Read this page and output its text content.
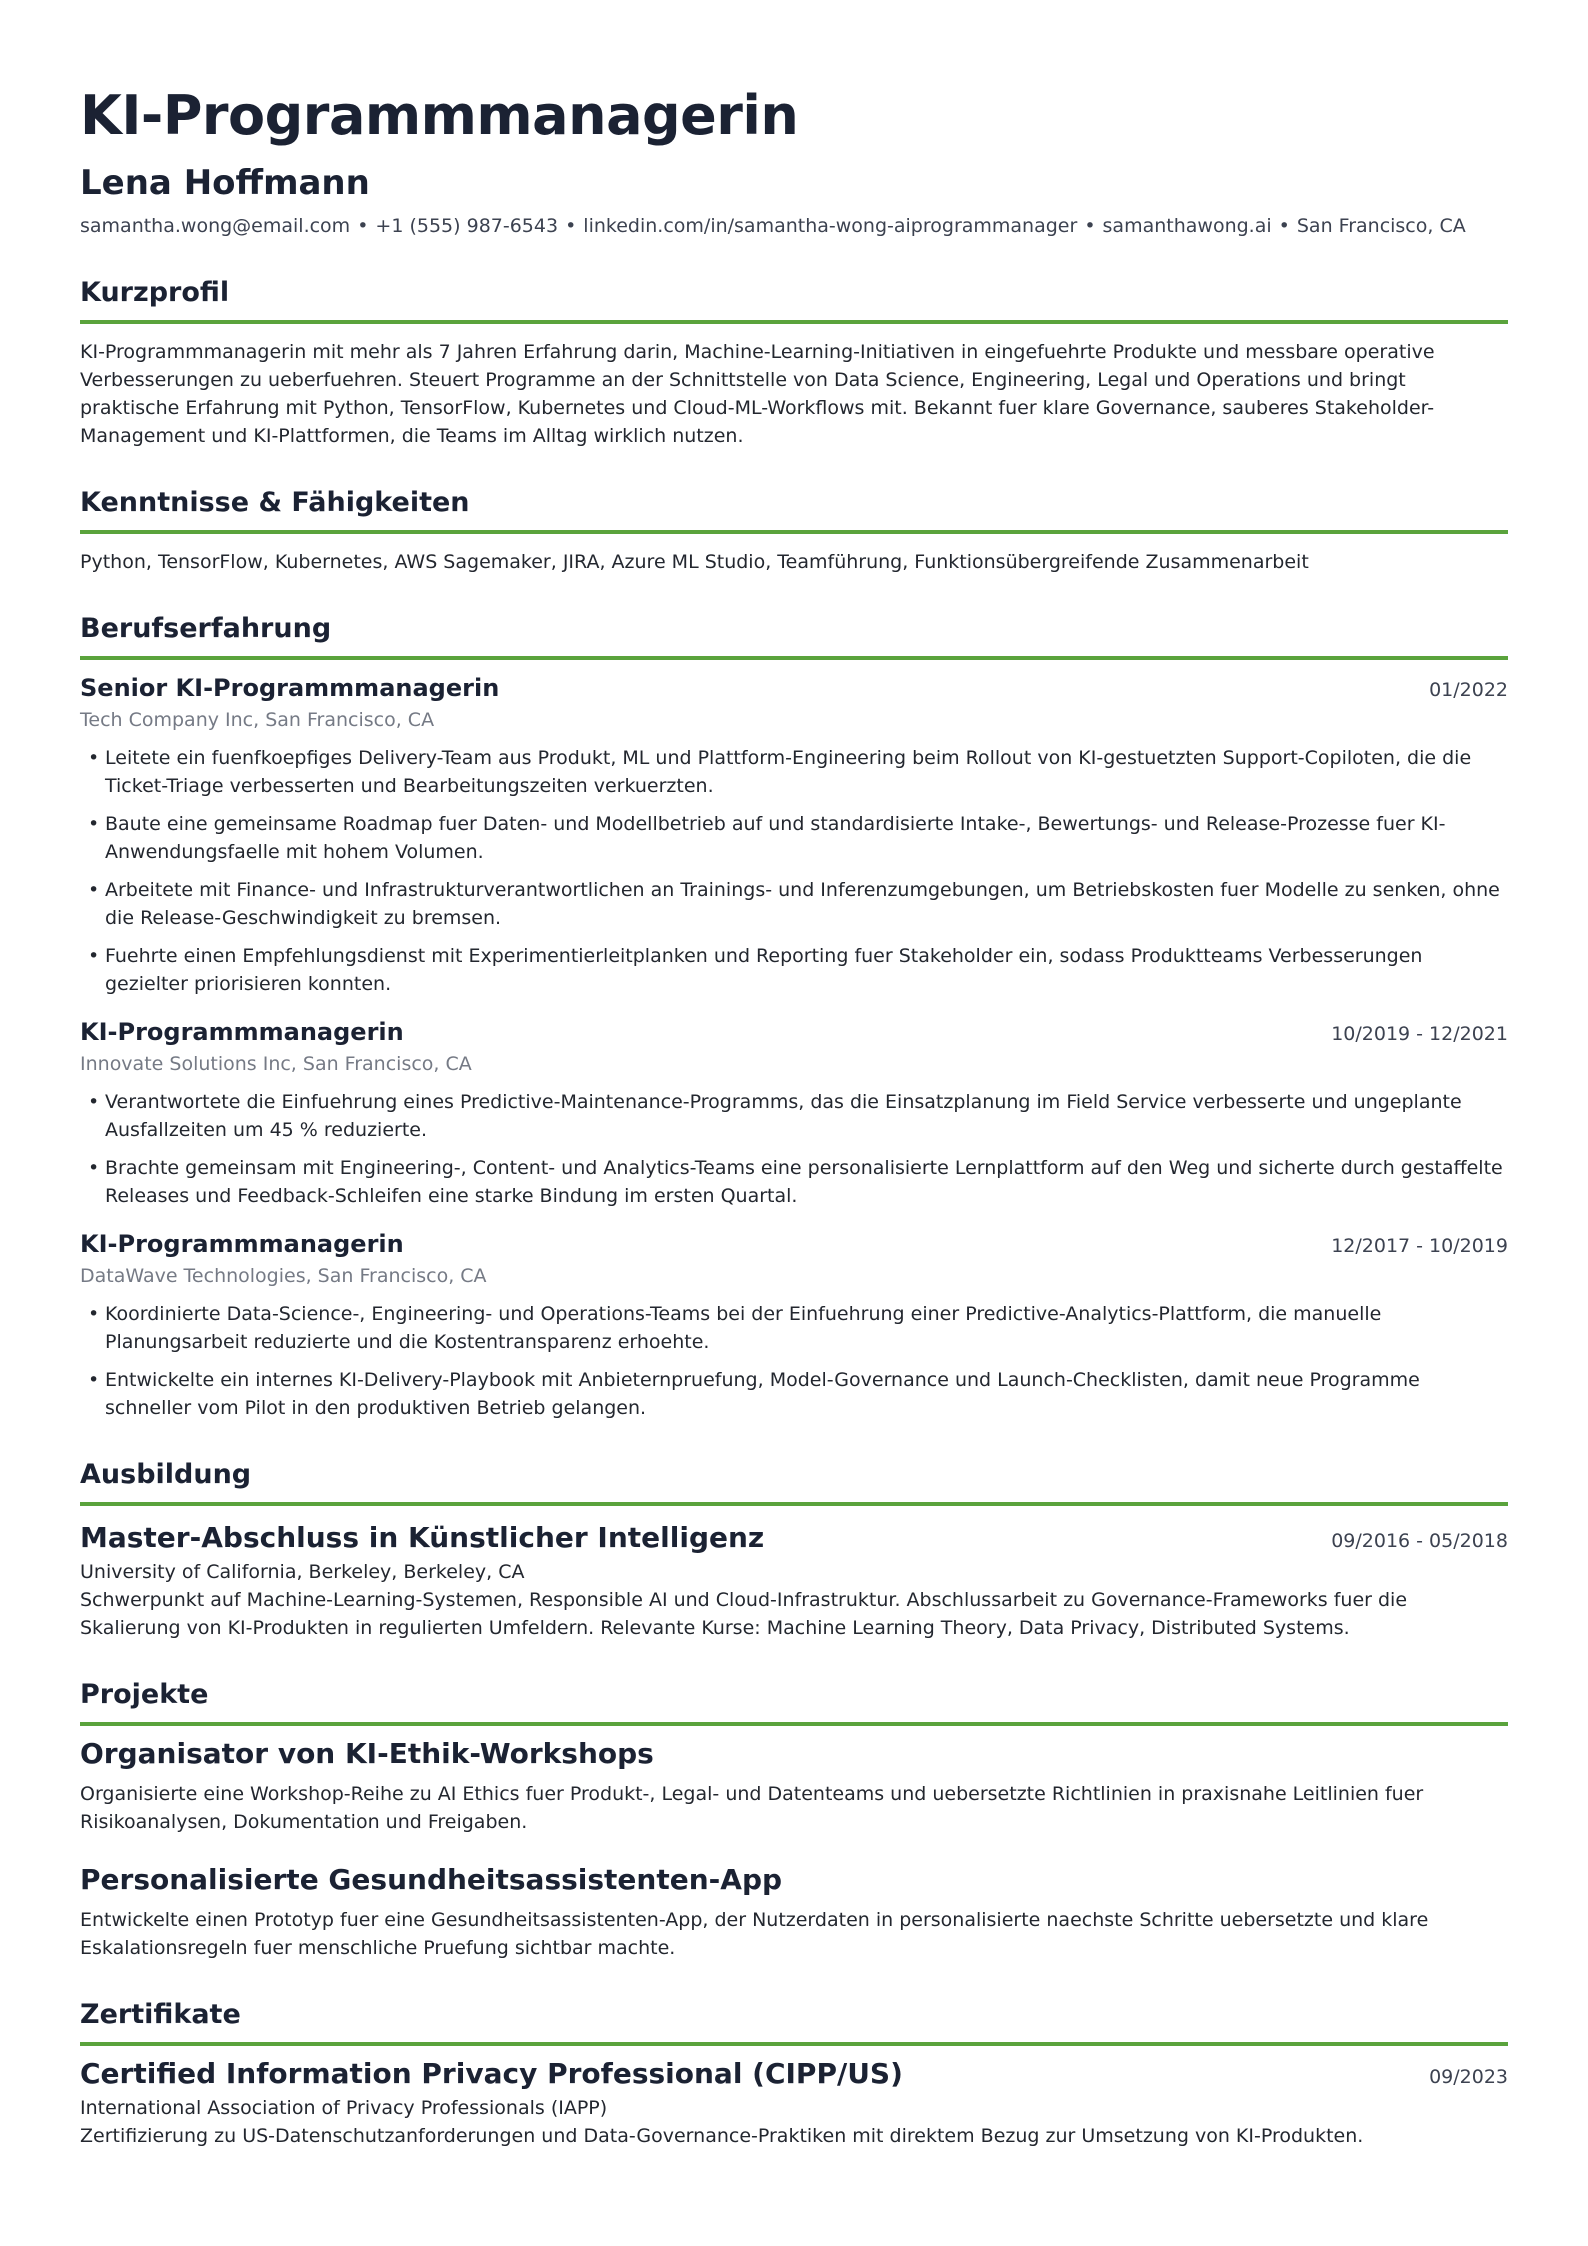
KI-Programmmanagerin
Lena Hoffmann
samantha.wong@email.com • +1 (555) 987-6543 • linkedin.com/in/samantha-wong-aiprogrammanager • samanthawong.ai • San Francisco, CA
Kurzprofil

KI-Programmmanagerin mit mehr als 7 Jahren Erfahrung darin, Machine-Learning-Initiativen in eingefuehrte Produkte und messbare operative Verbesserungen zu ueberfuehren. Steuert Programme an der Schnittstelle von Data Science, Engineering, Legal und Operations und bringt praktische Erfahrung mit Python, TensorFlow, Kubernetes und Cloud-ML-Workflows mit. Bekannt fuer klare Governance, sauberes Stakeholder-Management und KI-Plattformen, die Teams im Alltag wirklich nutzen.

Kenntnisse & Fähigkeiten

Python, TensorFlow, Kubernetes, AWS Sagemaker, JIRA, Azure ML Studio, Teamführung, Funktionsübergreifende Zusammenarbeit

Berufserfahrung
Senior KI-Programmmanagerin	01/2022
Tech Company Inc, San Francisco, CA
• Leitete ein fuenfkoepfiges Delivery-Team aus Produkt, ML und Plattform-Engineering beim Rollout von KI-gestuetzten Support-Copiloten, die die Ticket-Triage verbesserten und Bearbeitungszeiten verkuerzten.
• Baute eine gemeinsame Roadmap fuer Daten- und Modellbetrieb auf und standardisierte Intake-, Bewertungs- und Release-Prozesse fuer KI-Anwendungsfaelle mit hohem Volumen.
• Arbeitete mit Finance- und Infrastrukturverantwortlichen an Trainings- und Inferenzumgebungen, um Betriebskosten fuer Modelle zu senken, ohne die Release-Geschwindigkeit zu bremsen.
• Fuehrte einen Empfehlungsdienst mit Experimentierleitplanken und Reporting fuer Stakeholder ein, sodass Produktteams Verbesserungen gezielter priorisieren konnten.
KI-Programmmanagerin	10/2019 - 12/2021
Innovate Solutions Inc, San Francisco, CA
• Verantwortete die Einfuehrung eines Predictive-Maintenance-Programms, das die Einsatzplanung im Field Service verbesserte und ungeplante Ausfallzeiten um 45 % reduzierte.
• Brachte gemeinsam mit Engineering-, Content- und Analytics-Teams eine personalisierte Lernplattform auf den Weg und sicherte durch gestaffelte Releases und Feedback-Schleifen eine starke Bindung im ersten Quartal.
KI-Programmmanagerin	12/2017 - 10/2019
DataWave Technologies, San Francisco, CA
• Koordinierte Data-Science-, Engineering- und Operations-Teams bei der Einfuehrung einer Predictive-Analytics-Plattform, die manuelle Planungsarbeit reduzierte und die Kostentransparenz erhoehte.
• Entwickelte ein internes KI-Delivery-Playbook mit Anbieternpruefung, Model-Governance und Launch-Checklisten, damit neue Programme schneller vom Pilot in den produktiven Betrieb gelangen.
Ausbildung
Master-Abschluss in Künstlicher Intelligenz	09/2016 - 05/2018
University of California, Berkeley, Berkeley, CA

Schwerpunkt auf Machine-Learning-Systemen, Responsible AI und Cloud-Infrastruktur. Abschlussarbeit zu Governance-Frameworks fuer die Skalierung von KI-Produkten in regulierten Umfeldern. Relevante Kurse: Machine Learning Theory, Data Privacy, Distributed Systems.

Projekte
Organisator von KI-Ethik-Workshops

Organisierte eine Workshop-Reihe zu AI Ethics fuer Produkt-, Legal- und Datenteams und uebersetzte Richtlinien in praxisnahe Leitlinien fuer Risikoanalysen, Dokumentation und Freigaben.

Personalisierte Gesundheitsassistenten-App

Entwickelte einen Prototyp fuer eine Gesundheitsassistenten-App, der Nutzerdaten in personalisierte naechste Schritte uebersetzte und klare Eskalationsregeln fuer menschliche Pruefung sichtbar machte.

Zertifikate
Certified Information Privacy Professional (CIPP/US)	09/2023
International Association of Privacy Professionals (IAPP)

Zertifizierung zu US-Datenschutzanforderungen und Data-Governance-Praktiken mit direktem Bezug zur Umsetzung von KI-Produkten.
